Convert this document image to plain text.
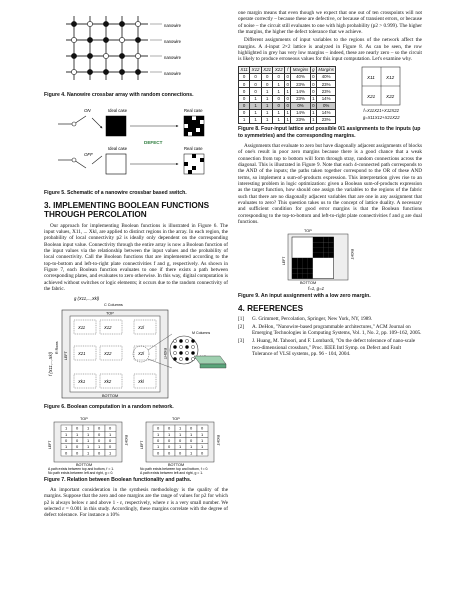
nanowire
nanowire
nanowire
nanowire
Figure 4. Nanowire crossbar array with random connections.
ON
OFF
Ideal case	Real case
Ideal case	Real case
DEFECT
Figure 5. Schematic of a nanowire crossbar based switch.
3. IMPLEMENTING BOOLEAN FUNCTIONS THROUGH PERCOLATION

Our approach for implementing Boolean functions is illustrated in Figure 6. The input values, X11, ... Xkl, are applied to distinct regions in the array. In each region, the probability of local connectivity p2 is ideally only dependent on the corresponding Boolean input value. Connectivity through the entire array is now a Boolean function of the input values via the relationship between the input values and the probability of local connectivity. Call the Boolean functions that are implemented according to the top-to-bottom and left-to-right plate connectivities f and g, respectively. As shown in Figure 7, each Boolean function evaluates to one if there exists a path between corresponding plates, and evaluates to zero otherwise. In this way, digital computation is achieved without switches or logic elements; it occurs due to the random connectivity of the fabric.

g (X11,...,Xkl)
C Columns
TOP
BOTTOM
LEFT	RIGHT
f (X11,...,Xkl)
R Rows
X11	X12	X1l
X21	X22	X2l
Xk1	Xk2	Xkl
M Columns
Figure 6. Boolean computation in a random network.
TOP
BOTTOM
LEFT	RIGHT
1 0 1 0 0
1 1 1 0 1
0 0 1 0 0
1 0 1 1 0
0 0 1 0 1
A path exists between top and bottom, f = 1.
No path exists between left and right, g = 0.
TOP
BOTTOM
LEFT	RIGHT
0 0 1 0 0
1 1 1 1 1
0 0 0 0 1
1 0 1 1 1
0 0 0 1 0
No path exists between top and bottom, f = 0.
A path exists between left and right, g = 1.
Figure 7. Relation between Boolean functionality and paths.

An important consideration in the synthesis methodology is the quality of the margins. Suppose that the zero and one margins are the range of values for p2 for which p2 is always below ε and above 1 - ε, respectively, where ε is a very small number. We selected ε = 0.001 in this study. Accordingly, these margins correlate with the degree of defect tolerance. For instance a 10%

one margin means that even though we expect that one out of ten crosspoints will not operate correctly – because these are defective, or because of transient errors, or because of noise – the circuit still evaluates to one with high probability (p2 > 0.999). The higher the margins, the higher the defect tolerance that we achieve.

Different assignments of input variables to the regions of the network affect the margins. A 4-input 2×2 lattice is analyzed in Figure 8. As can be seen, the row highlighted in grey has very low margins – indeed, these are nearly zero – so the circuit is likely to produce erroneous values for this input computation. Let's examine why.

X11	X12	X21	X22	f	Margins	g	Margins
0	0	0	0	0	40%	0	40%
0	0	0	1	0	23%	0	23%
0	0	1	1	1	14%	0	23%
0	1	1	0	0	23%	1	14%
0	1	1	0	0	0%	0	0%
0	1	1	1	1	14%	1	14%
1	1	1	1	1	23%	1	23%
X11 X12
X21 X22
f=X11X21+X12X22
g=X11X12+X21X22
Figure 8. Four-input lattice and possible 0/1 assignments to the inputs (up to symmetries) and the corresponding margins.

Assignments that evaluate to zero but have diagonally adjacent assignments of blocks of one's result in poor zero margins because there is a good chance that a weak connection from top to bottom will form through stray, random connections across the diagonal. This is illustrated in Figure 9. Note that each 4-connected path corresponds to the AND of the inputs; the paths taken together correspond to the OR of these AND terms, so implement a sum-of-products expression. This interpretation gives rise to an interesting problem in logic optimization: given a Boolean sum-of-products expression as the target function, how should one assign the variables to the regions of the fabric such that there are no diagonally adjacent variables that are one in any assignment that evaluates to zero? This question takes us to the concept of lattice duality. A necessary and sufficient condition for good error margins is that the Boolean functions corresponding to the top-to-bottom and left-to-right plate connectivities f and g are dual functions.

TOP
BOTTOM
LEFT
RIGHT
f=1, g=1
Figure 9. An input assignment with a low zero margin.
4. REFERENCES
[1]	G. Grimmett, Percolation, Springer, New York, NY, 1989.
[2]	A. DeHon, "Nanowire-based programmable architectures," ACM Journal on Emerging Technologies in Computing Systems, Vol. 1, No. 2, pp. 109–162, 2005.
[3]	J. Huang, M. Tahoori, and F. Lombardi, "On the defect tolerance of nano-scale two-dimensional crossbars," Proc. IEEE Intl Symp. on Defect and Fault Tolerance of VLSI systems, pp. 96 - 104, 2004.
